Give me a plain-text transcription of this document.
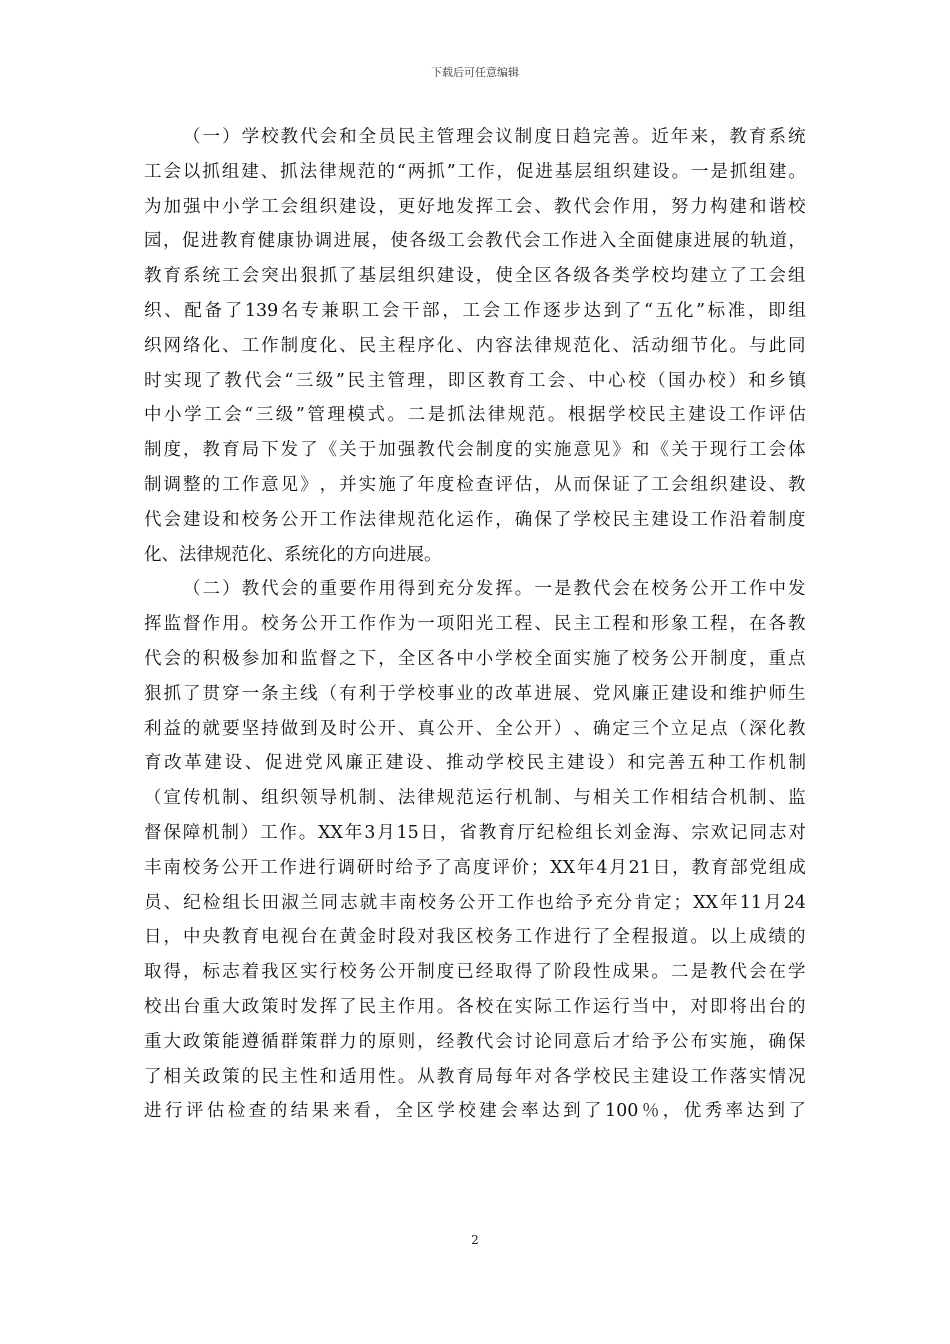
下载后可任意编辑

（ 一 ） 学 校 教 代 会 和 全 员 民 主 管 理 会 议 制 度 日 趋 完 善 。 近 年 来 ， 教 育 系 统
工 会 以 抓 组 建 、 抓 法 律 规 范 的 “ 两 抓 ” 工 作 ， 促 进 基 层 组 织 建 设 。 一 是 抓 组 建 。
为 加 强 中 小 学 工 会 组 织 建 设 ， 更 好 地 发 挥 工 会 、 教 代 会 作 用 ， 努 力 构 建 和 谐 校
园 ， 促 进 教 育 健 康 协 调 进 展 ， 使 各 级 工 会 教 代 会 工 作 进 入 全 面 健 康 进 展 的 轨 道 ，
教 育 系 统 工 会 突 出 狠 抓 了 基 层 组 织 建 设 ， 使 全 区 各 级 各 类 学 校 均 建 立 了 工 会 组
织 、 配 备 了 139 名 专 兼 职 工 会 干 部 ， 工 会 工 作 逐 步 达 到 了 “ 五 化 ” 标 准 ， 即 组
织 网 络 化 、 工 作 制 度 化 、 民 主 程 序 化 、 内 容 法 律 规 范 化 、 活 动 细 节 化 。 与 此 同
时 实 现 了 教 代 会 “ 三 级 ” 民 主 管 理 ， 即 区 教 育 工 会 、 中 心 校 （ 国 办 校 ） 和 乡 镇
中 小 学 工 会 “ 三 级 ” 管 理 模 式 。 二 是 抓 法 律 规 范 。 根 据 学 校 民 主 建 设 工 作 评 估
制 度 ， 教 育 局 下 发 了 《 关 于 加 强 教 代 会 制 度 的 实 施 意 见 》 和 《 关 于 现 行 工 会 体
制 调 整 的 工 作 意 见 》 ， 并 实 施 了 年 度 检 查 评 估 ， 从 而 保 证 了 工 会 组 织 建 设 、 教
代 会 建 设 和 校 务 公 开 工 作 法 律 规 范 化 运 作 ， 确 保 了 学 校 民 主 建 设 工 作 沿 着 制 度
化 、 法 律 规 范 化 、 系 统 化 的 方 向 进 展 。

（ 二 ） 教 代 会 的 重 要 作 用 得 到 充 分 发 挥 。 一 是 教 代 会 在 校 务 公 开 工 作 中 发
挥 监 督 作 用 。 校 务 公 开 工 作 作 为 一 项 阳 光 工 程 、 民 主 工 程 和 形 象 工 程 ， 在 各 教
代 会 的 积 极 参 加 和 监 督 之 下 ， 全 区 各 中 小 学 校 全 面 实 施 了 校 务 公 开 制 度 ， 重 点
狠 抓 了 贯 穿 一 条 主 线 （ 有 利 于 学 校 事 业 的 改 革 进 展 、 党 风 廉 正 建 设 和 维 护 师 生
利 益 的 就 要 坚 持 做 到 及 时 公 开 、 真 公 开 、 全 公 开 ） 、 确 定 三 个 立 足 点 （ 深 化 教
育 改 革 建 设 、 促 进 党 风 廉 正 建 设 、 推 动 学 校 民 主 建 设 ） 和 完 善 五 种 工 作 机 制
（ 宣 传 机 制 、 组 织 领 导 机 制 、 法 律 规 范 运 行 机 制 、 与 相 关 工 作 相 结 合 机 制 、 监
督 保 障 机 制 ） 工 作 。 XX 年 3 月 15 日 ， 省 教 育 厅 纪 检 组 长 刘 金 海 、 宗 欢 记 同 志 对
丰 南 校 务 公 开 工 作 进 行 调 研 时 给 予 了 高 度 评 价 ； XX 年 4 月 21 日 ， 教 育 部 党 组 成
员 、 纪 检 组 长 田 淑 兰 同 志 就 丰 南 校 务 公 开 工 作 也 给 予 充 分 肯 定 ； XX 年 11 月 24
日 ， 中 央 教 育 电 视 台 在 黄 金 时 段 对 我 区 校 务 工 作 进 行 了 全 程 报 道 。 以 上 成 绩 的
取 得 ， 标 志 着 我 区 实 行 校 务 公 开 制 度 已 经 取 得 了 阶 段 性 成 果 。 二 是 教 代 会 在 学
校 出 台 重 大 政 策 时 发 挥 了 民 主 作 用 。 各 校 在 实 际 工 作 运 行 当 中 ， 对 即 将 出 台 的
重 大 政 策 能 遵 循 群 策 群 力 的 原 则 ， 经 教 代 会 讨 论 同 意 后 才 给 予 公 布 实 施 ， 确 保
了 相 关 政 策 的 民 主 性 和 适 用 性 。 从 教 育 局 每 年 对 各 学 校 民 主 建 设 工 作 落 实 情 况
进 行 评 估 检 查 的 结 果 来 看 ， 全 区 学 校 建 会 率 达 到 了 100 ％ ， 优 秀 率 达 到 了
2
